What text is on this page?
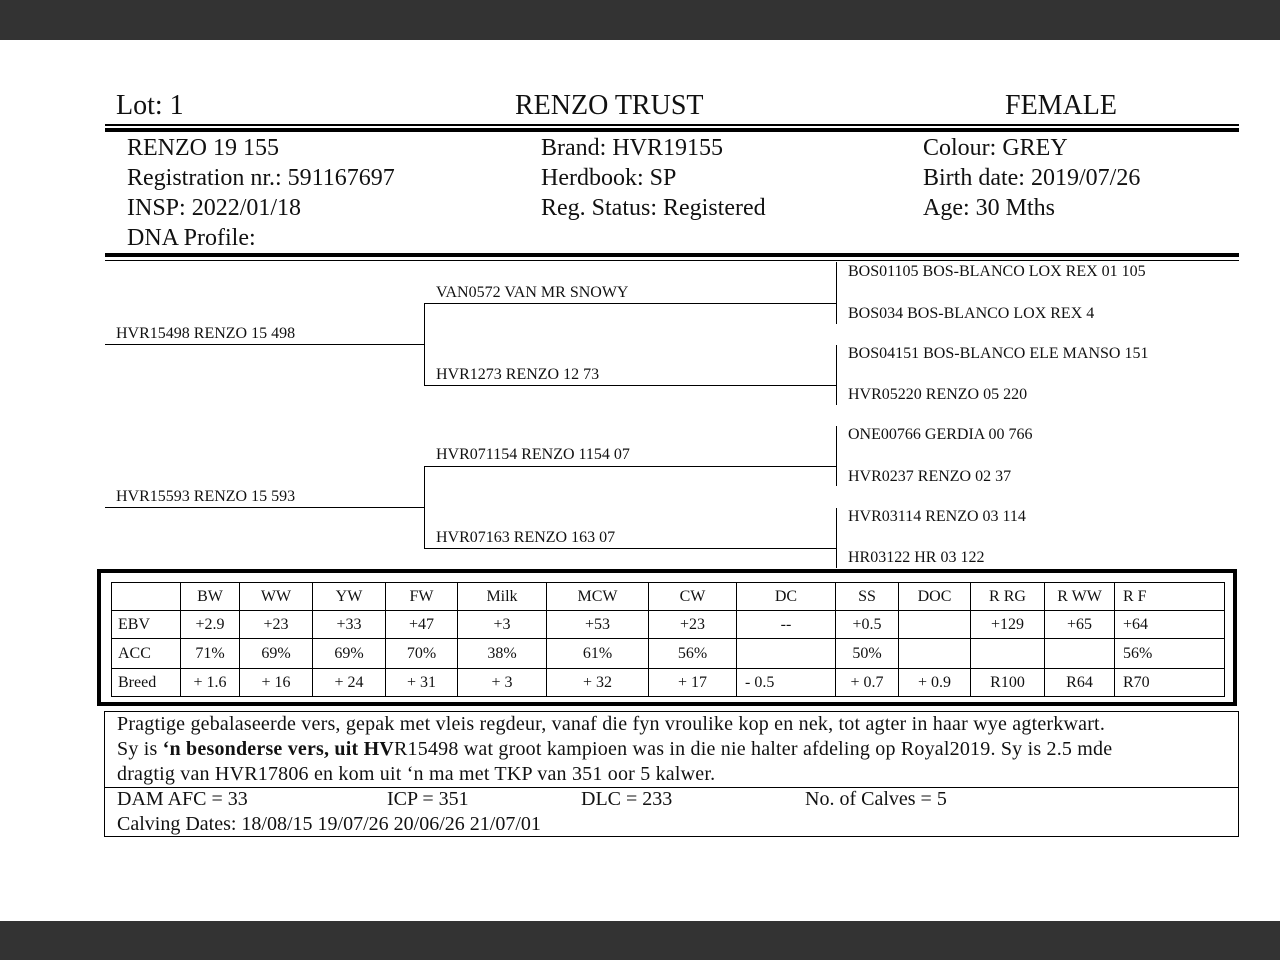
Lot: 1	RENZO TRUST	FEMALE
RENZO 19 155
Registration nr.: 591167697
INSP: 2022/01/18
DNA Profile:
Brand: HVR19155
Herdbook: SP
Reg. Status: Registered
Colour: GREY
Birth date: 2019/07/26
Age: 30 Mths
HVR15498 RENZO 15 498
HVR15593 RENZO 15 593
VAN0572 VAN MR SNOWY
HVR1273 RENZO 12 73
HVR071154 RENZO 1154 07
HVR07163 RENZO 163 07
BOS01105 BOS-BLANCO LOX REX 01 105
BOS034 BOS-BLANCO LOX REX 4
BOS04151 BOS-BLANCO ELE MANSO 151
HVR05220 RENZO 05 220
ONE00766 GERDIA 00 766
HVR0237 RENZO 02 37
HVR03114 RENZO 03 114
HR03122 HR 03 122
	BW	WW	YW	FW	Milk	MCW	CW	DC	SS	DOC	R RG	R WW	R F
EBV	+2.9	+23	+33	+47	+3	+53	+23	--	+0.5		+129	+65	+64
ACC	71%	69%	69%	70%	38%	61%	56%		50%				56%
Breed	+ 1.6	+ 16	+ 24	+ 31	+ 3	+ 32	+ 17	- 0.5	+ 0.7	+ 0.9	R100	R64	R70
Pragtige gebalaseerde vers, gepak met vleis regdeur, vanaf die fyn vroulike kop en nek, tot agter in haar wye agterkwart.
Sy is ‘n besonderse vers, uit HVR15498 wat groot kampioen was in die nie halter afdeling op Royal2019. Sy is 2.5 mde
dragtig van HVR17806 en kom uit ‘n ma met TKP van 351 oor 5 kalwer.
DAM AFC = 33	ICP = 351	DLC = 233	No. of Calves = 5
Calving Dates: 18/08/15 19/07/26 20/06/26 21/07/01
